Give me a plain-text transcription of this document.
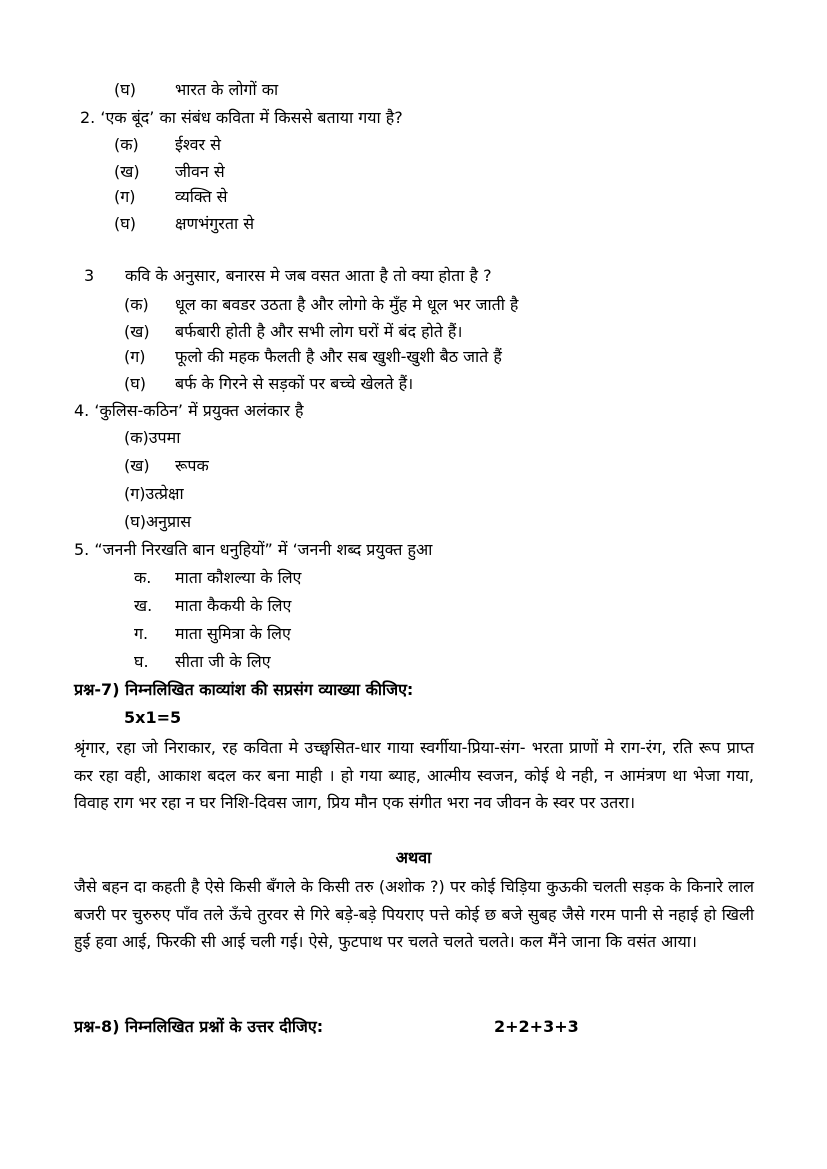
(घ) भारत के लोगों का
2. ‘एक बूंद’ का संबंध कविता में किससे बताया गया है?
(क) ईश्वर से
(ख) जीवन से
(ग) व्यक्ति से
(घ) क्षणभंगुरता से
3 कवि के अनुसार, बनारस मे जब वसत आता है तो क्या होता है ?
(क) धूल का बवडर उठता है और लोगो के मुँह मे धूल भर जाती है
(ख) बर्फबारी होती है और सभी लोग घरों में बंद होते हैं।
(ग) फूलो की महक फैलती है और सब खुशी-खुशी बैठ जाते हैं
(घ) बर्फ के गिरने से सड़कों पर बच्चे खेलते हैं।
4. ‘कुलिस-कठिन’ में प्रयुक्त अलंकार है
(क)उपमा
(ख) रूपक
(ग)उत्प्रेक्षा
(घ)अनुप्रास
5. “जननी निरखति बान धनुहियों” में ‘जननी शब्द प्रयुक्त हुआ
क. माता कौशल्या के लिए
ख. माता कैकयी के लिए
ग. माता सुमित्रा के लिए
घ. सीता जी के लिए
प्रश्न-7) निम्नलिखित काव्यांश की सप्रसंग व्याख्या कीजिए:
5x1=5
श्रृंगार, रहा जो निराकार, रह कविता मे उच्छ्वसित-धार गाया स्वर्गीया-प्रिया-संग- भरता प्राणों मे राग-रंग, रति रूप प्राप्त कर रहा वही, आकाश बदल कर बना माही । हो गया ब्याह, आत्मीय स्वजन, कोई थे नही, न आमंत्रण था भेजा गया, विवाह राग भर रहा न घर निशि-दिवस जाग, प्रिय मौन एक संगीत भरा नव जीवन के स्वर पर उतरा।
अथवा
जैसे बहन दा कहती है ऐसे किसी बँगले के किसी तरु (अशोक ?) पर कोई चिड़िया कुऊकी चलती सड़क के किनारे लाल बजरी पर चुरुरुए पाँव तले ऊँचे तुरवर से गिरे बड़े-बड़े पियराए पत्ते कोई छ बजे सुबह जैसे गरम पानी से नहाई हो खिली हुई हवा आई, फिरकी सी आई चली गई। ऐसे, फुटपाथ पर चलते चलते चलते। कल मैंने जाना कि वसंत आया।
प्रश्न-8) निम्नलिखित प्रश्नों के उत्तर दीजिए:	2+2+3+3
